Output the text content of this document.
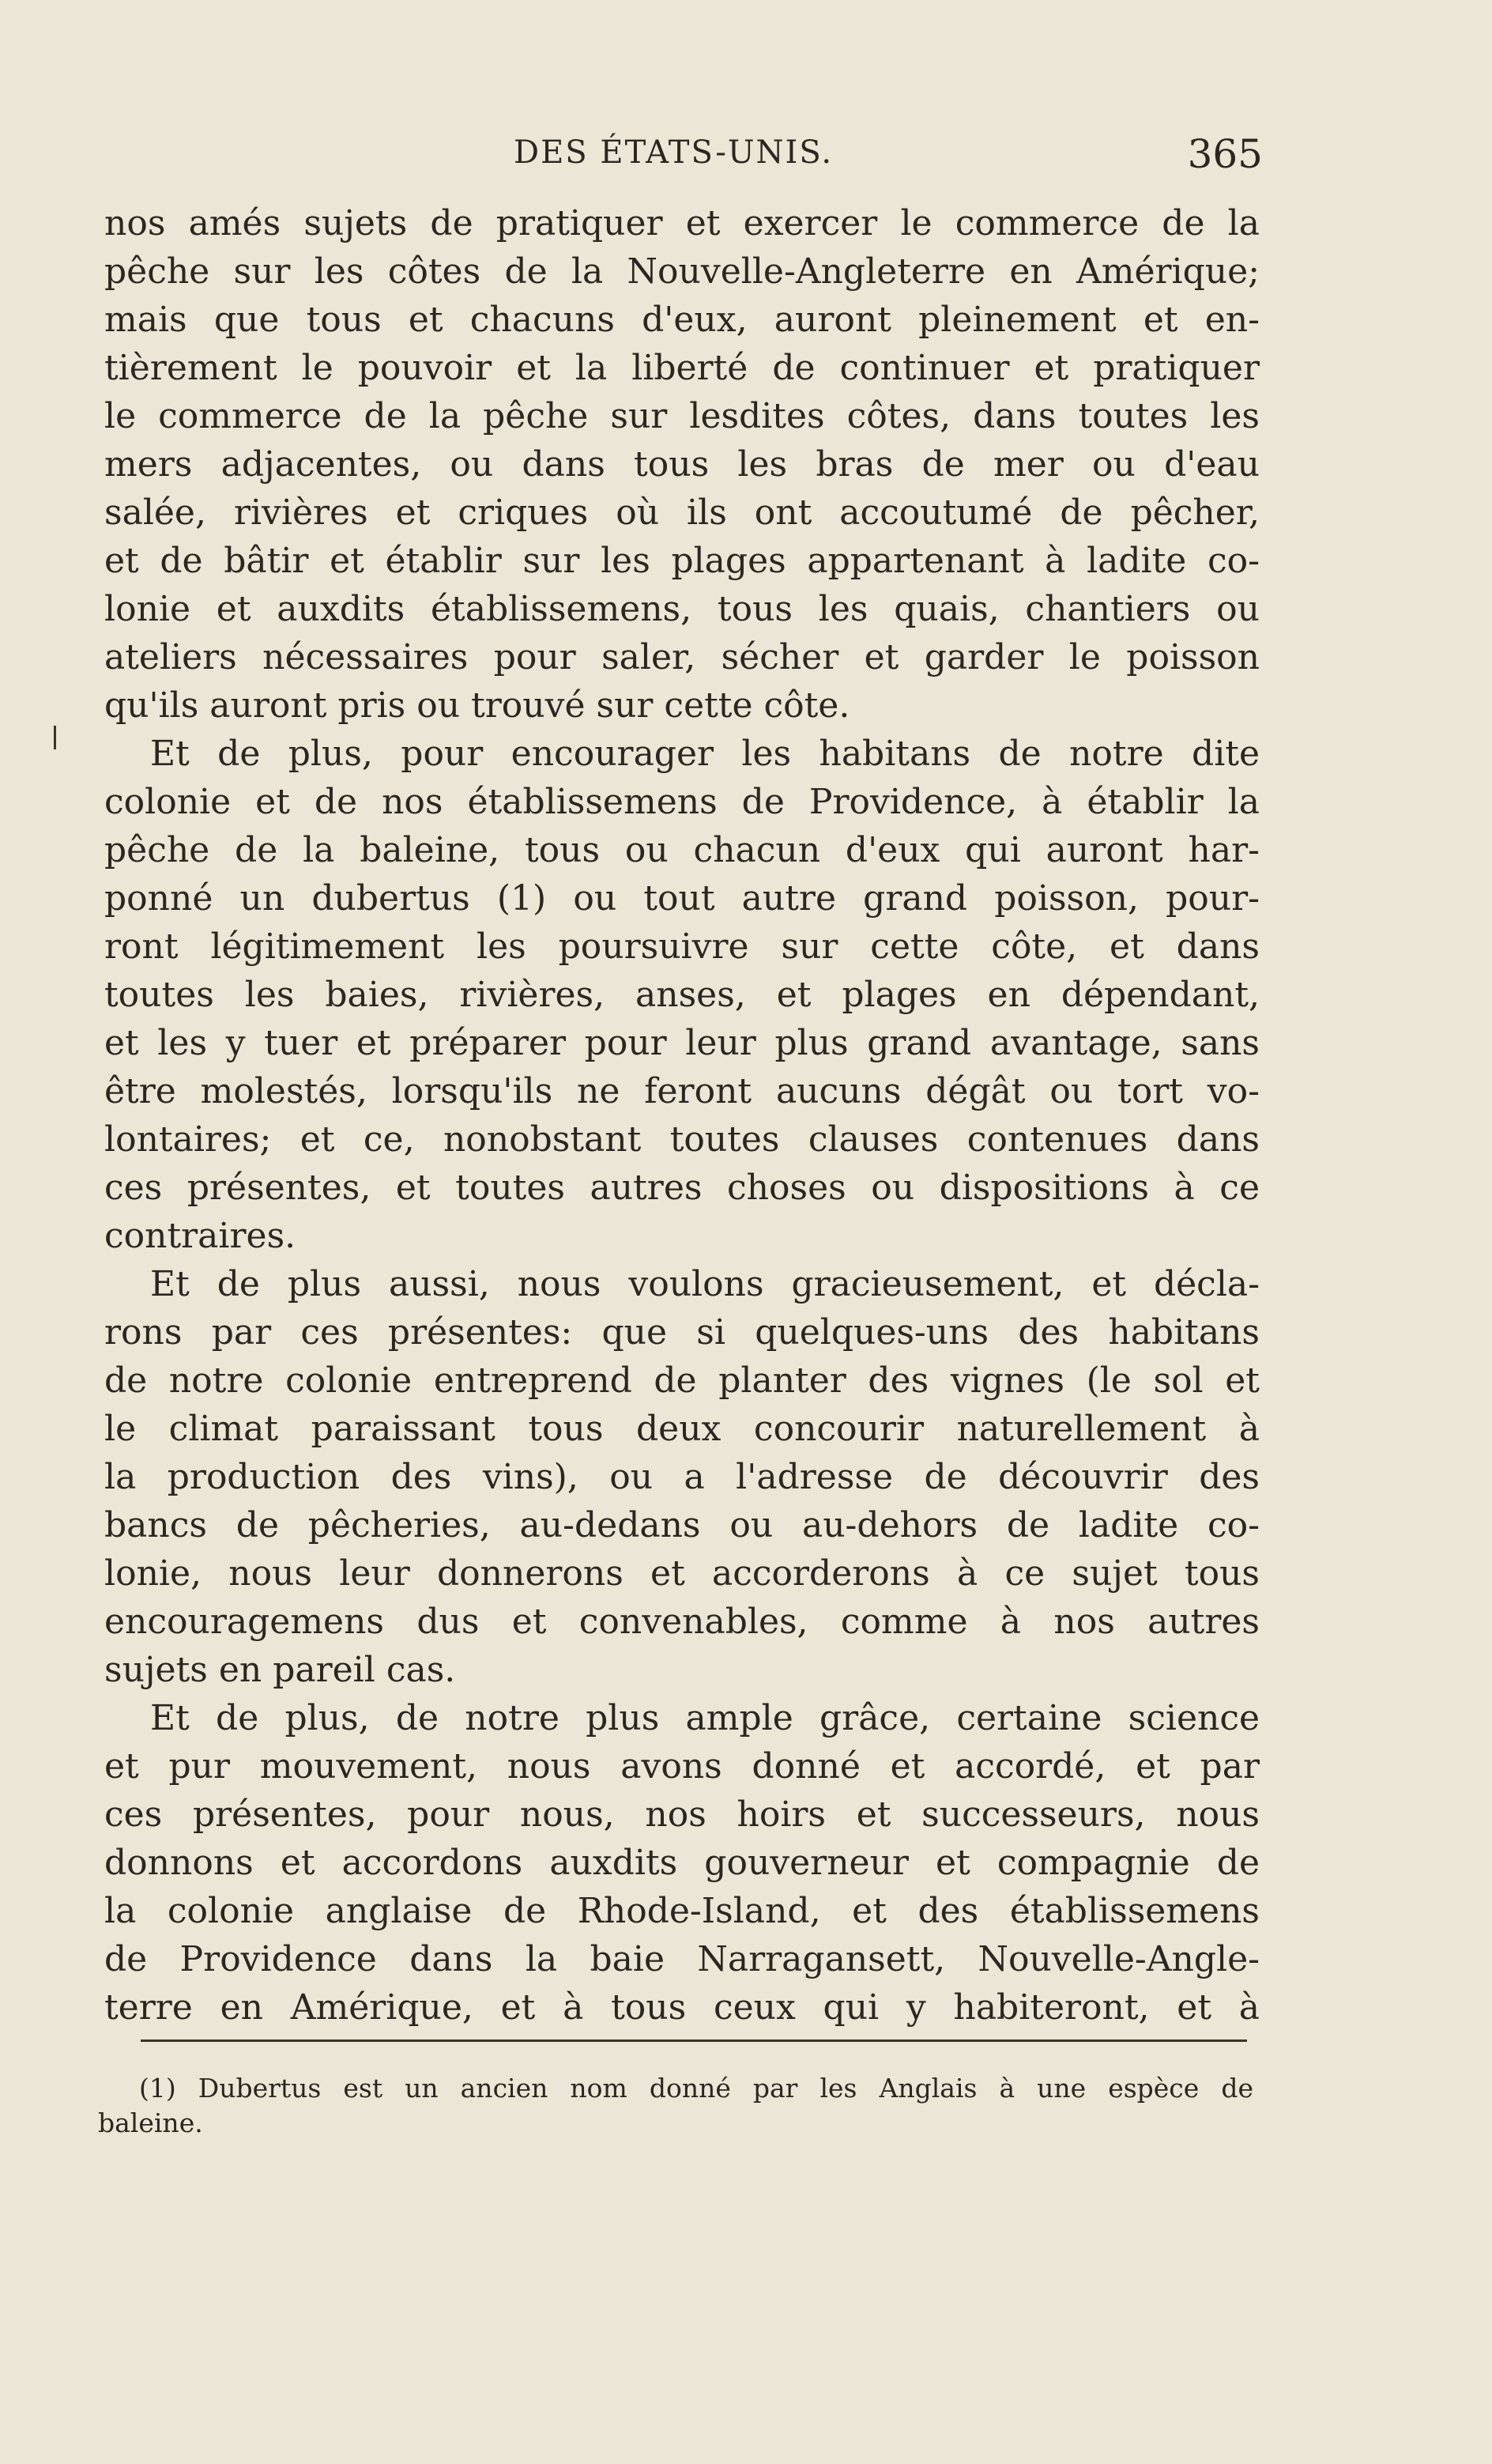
DES ÉTATS-UNIS.	365
nos amés sujets de pratiquer et exercer le commerce de la
pêche sur les côtes de la Nouvelle-Angleterre en Amérique;
mais que tous et chacuns d'eux, auront pleinement et en-
tièrement le pouvoir et la liberté de continuer et pratiquer
le commerce de la pêche sur lesdites côtes, dans toutes les
mers adjacentes, ou dans tous les bras de mer ou d'eau
salée, rivières et criques où ils ont accoutumé de pêcher,
et de bâtir et établir sur les plages appartenant à ladite co-
lonie et auxdits établissemens, tous les quais, chantiers ou
ateliers nécessaires pour saler, sécher et garder le poisson
qu'ils auront pris ou trouvé sur cette côte.
Et de plus, pour encourager les habitans de notre dite
colonie et de nos établissemens de Providence, à établir la
pêche de la baleine, tous ou chacun d'eux qui auront har-
ponné un dubertus (1) ou tout autre grand poisson, pour-
ront légitimement les poursuivre sur cette côte, et dans
toutes les baies, rivières, anses, et plages en dépendant,
et les y tuer et préparer pour leur plus grand avantage, sans
être molestés, lorsqu'ils ne feront aucuns dégât ou tort vo-
lontaires; et ce, nonobstant toutes clauses contenues dans
ces présentes, et toutes autres choses ou dispositions à ce
contraires.
Et de plus aussi, nous voulons gracieusement, et décla-
rons par ces présentes: que si quelques-uns des habitans
de notre colonie entreprend de planter des vignes (le sol et
le climat paraissant tous deux concourir naturellement à
la production des vins), ou a l'adresse de découvrir des
bancs de pêcheries, au-dedans ou au-dehors de ladite co-
lonie, nous leur donnerons et accorderons à ce sujet tous
encouragemens dus et convenables, comme à nos autres
sujets en pareil cas.
Et de plus, de notre plus ample grâce, certaine science
et pur mouvement, nous avons donné et accordé, et par
ces présentes, pour nous, nos hoirs et successeurs, nous
donnons et accordons auxdits gouverneur et compagnie de
la colonie anglaise de Rhode-Island, et des établissemens
de Providence dans la baie Narragansett, Nouvelle-Angle-
terre en Amérique, et à tous ceux qui y habiteront, et à
(1) Dubertus est un ancien nom donné par les Anglais à une espèce de
baleine.
